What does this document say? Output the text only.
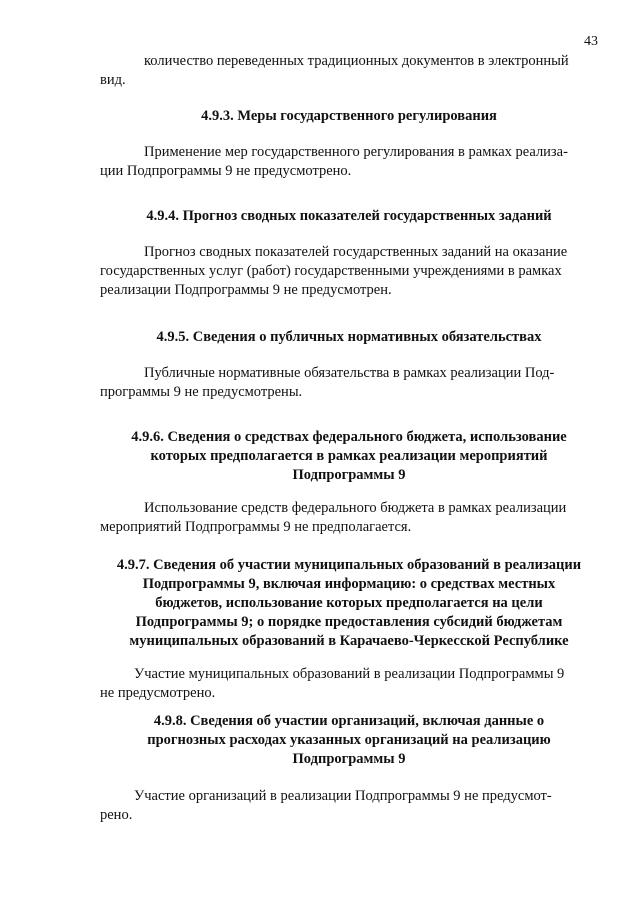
43

количество переведенных традиционных документов в электронный
вид.

4.9.3. Меры государственного регулирования

Применение мер государственного регулирования в рамках реализа-
ции Подпрограммы 9 не предусмотрено.

4.9.4. Прогноз сводных показателей государственных заданий

Прогноз сводных показателей государственных заданий на оказание
государственных услуг (работ) государственными учреждениями в рамках
реализации Подпрограммы 9 не предусмотрен.

4.9.5. Сведения о публичных нормативных обязательствах

Публичные нормативные обязательства в рамках реализации Под-
программы 9 не предусмотрены.

4.9.6. Сведения о средствах федерального бюджета, использование
которых предполагается в рамках реализации мероприятий
Подпрограммы 9

Использование средств федерального бюджета в рамках реализации
мероприятий Подпрограммы 9 не предполагается.

4.9.7. Сведения об участии муниципальных образований в реализации
Подпрограммы 9, включая информацию: о средствах местных
бюджетов, использование которых предполагается на цели
Подпрограммы 9; о порядке предоставления субсидий бюджетам
муниципальных образований в Карачаево-Черкесской Республике

Участие муниципальных образований в реализации Подпрограммы 9
не предусмотрено.

4.9.8. Сведения об участии организаций, включая данные о
прогнозных расходах указанных организаций на реализацию
Подпрограммы 9

Участие организаций в реализации Подпрограммы 9 не предусмот-
рено.
